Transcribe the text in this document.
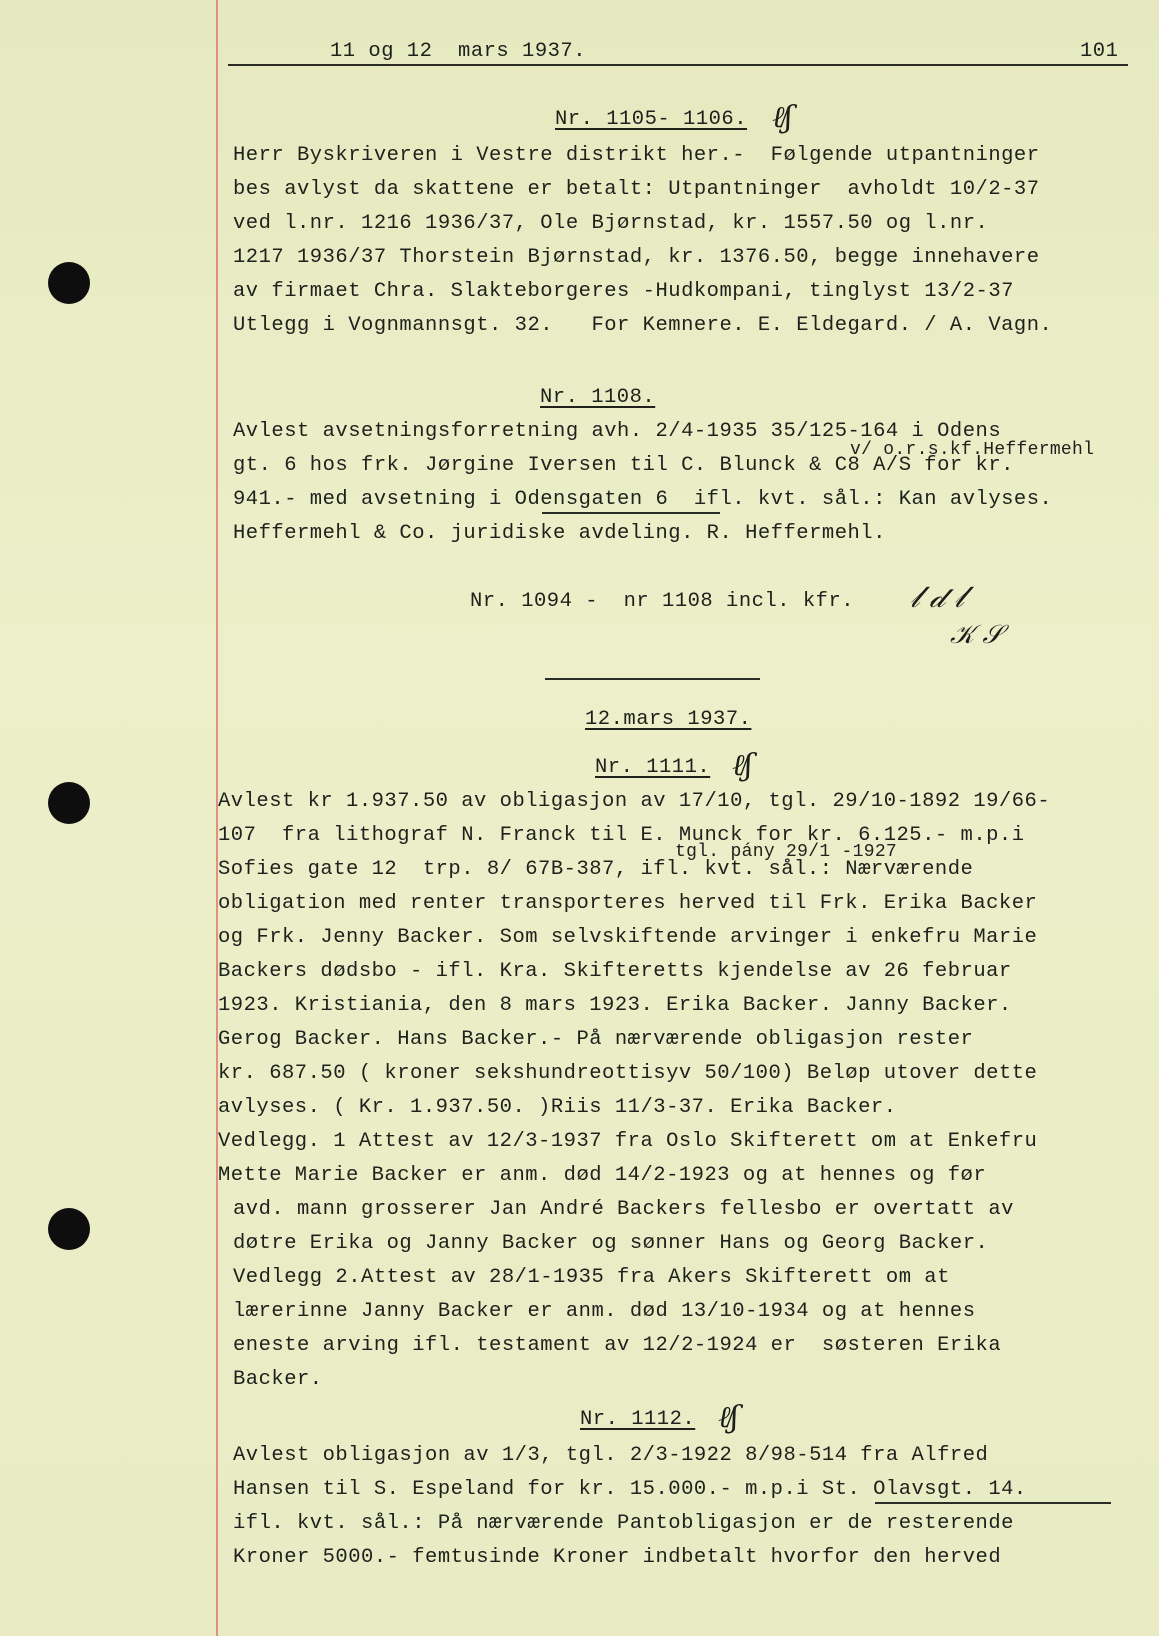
11 og 12  mars 1937.	101
Nr. 1105- 1106. ℓ̸ʃ
Herr Byskriveren i Vestre distrikt her.-  Følgende utpantninger
bes avlyst da skattene er betalt: Utpantninger  avholdt 10/2-37
ved l.nr. 1216 1936/37, Ole Bjørnstad, kr. 1557.50 og l.nr.
1217 1936/37 Thorstein Bjørnstad, kr. 1376.50, begge innehavere
av firmaet Chra. Slakteborgeres -Hudkompani, tinglyst 13/2-37
Utlegg i Vognmannsgt. 32.   For Kemnere. E. Eldegard. / A. Vagn.
Nr. 1108.
Avlest avsetningsforretning avh. 2/4-1935 35/125-164 i Odens
v/ o.r.s.kf.Heffermehl
gt. 6 hos frk. Jørgine Iversen til C. Blunck & C8 A/S for kr.
941.- med avsetning i Odensgaten 6  ifl. kvt. sål.: Kan avlyses.
Heffermehl & Co. juridiske avdeling. R. Heffermehl.
Nr. 1094 -  nr 1108 incl. kfr. 𝓁 𝒹 𝓁
𝒦 𝒮
12.mars 1937.
Nr. 1111. ℓ̸ʃ
Avlest kr 1.937.50 av obligasjon av 17/10, tgl. 29/10-1892 19/66-
107  fra lithograf N. Franck til E. Munck for kr. 6.125.- m.p.i
tgl. pány 29/1 -1927
Sofies gate 12  trp. 8/ 67B-387, ifl. kvt. sål.: Nærværende
obligation med renter transporteres herved til Frk. Erika Backer
og Frk. Jenny Backer. Som selvskiftende arvinger i enkefru Marie
Backers dødsbo - ifl. Kra. Skifteretts kjendelse av 26 februar
1923. Kristiania, den 8 mars 1923. Erika Backer. Janny Backer.
Gerog Backer. Hans Backer.- På nærværende obligasjon rester
kr. 687.50 ( kroner sekshundreottisyv 50/100) Beløp utover dette
avlyses. ( Kr. 1.937.50. )Riis 11/3-37. Erika Backer.
Vedlegg. 1 Attest av 12/3-1937 fra Oslo Skifterett om at Enkefru
Mette Marie Backer er anm. død 14/2-1923 og at hennes og før
avd. mann grosserer Jan André Backers fellesbo er overtatt av
døtre Erika og Janny Backer og sønner Hans og Georg Backer.
Vedlegg 2.Attest av 28/1-1935 fra Akers Skifterett om at
lærerinne Janny Backer er anm. død 13/10-1934 og at hennes
eneste arving ifl. testament av 12/2-1924 er  søsteren Erika
Backer.
Nr. 1112. ℓ̸ʃ
Avlest obligasjon av 1/3, tgl. 2/3-1922 8/98-514 fra Alfred
Hansen til S. Espeland for kr. 15.000.- m.p.i St. Olavsgt. 14.
ifl. kvt. sål.: På nærværende Pantobligasjon er de resterende
Kroner 5000.- femtusinde Kroner indbetalt hvorfor den herved
